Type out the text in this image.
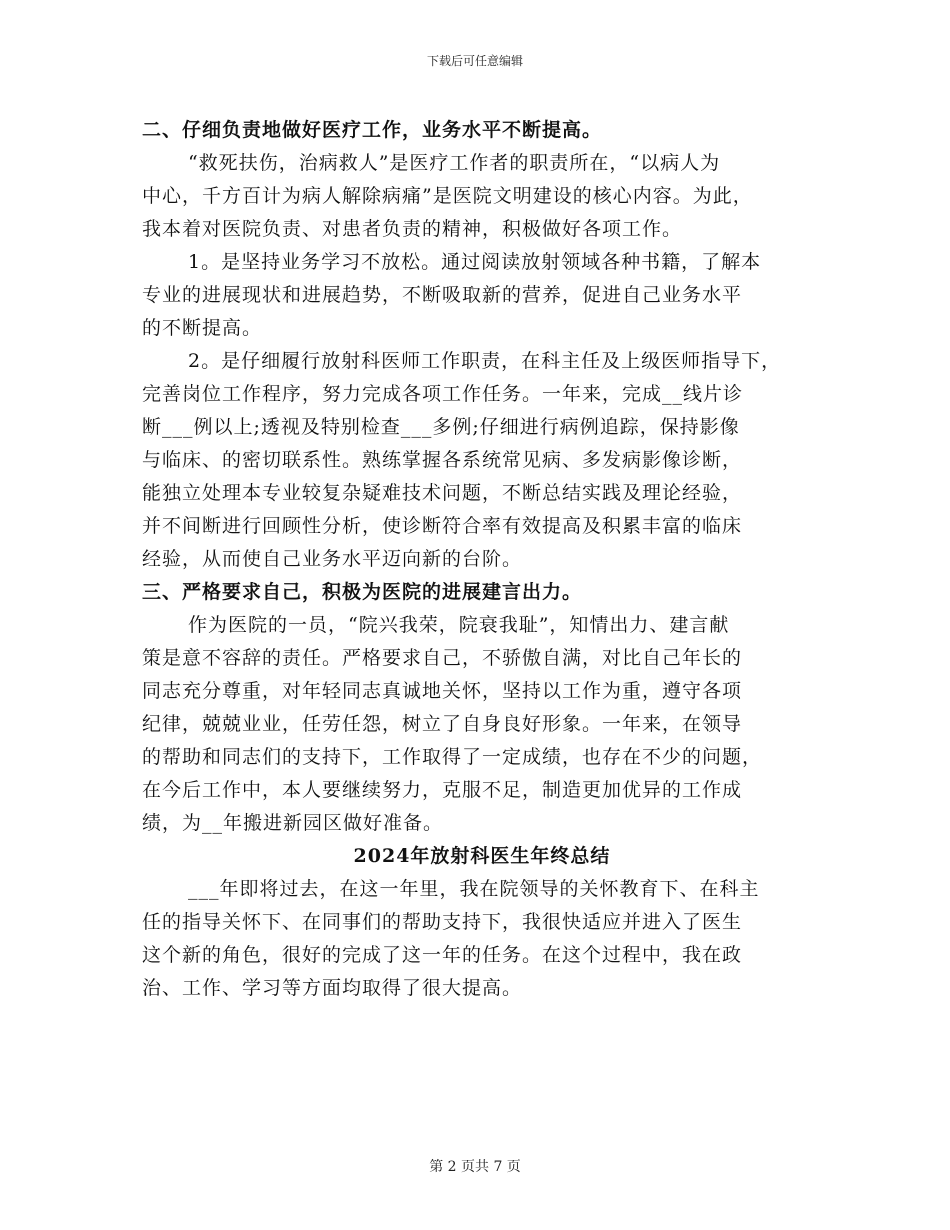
下载后可任意编辑
二、仔细负责地做好医疗工作，业务水平不断提高。
“救死扶伤，治病救人”是医疗工作者的职责所在，“以病人为
中心，千方百计为病人解除病痛”是医院文明建设的核心内容。为此，
我本着对医院负责、对患者负责的精神，积极做好各项工作。
1。是坚持业务学习不放松。通过阅读放射领域各种书籍，了解本
专业的进展现状和进展趋势，不断吸取新的营养，促进自己业务水平
的不断提高。
2。是仔细履行放射科医师工作职责，在科主任及上级医师指导下，
完善岗位工作程序，努力完成各项工作任务。一年来，完成__线片诊
断___例以上;透视及特别检查___多例;仔细进行病例追踪，保持影像
与临床、的密切联系性。熟练掌握各系统常见病、多发病影像诊断，
能独立处理本专业较复杂疑难技术问题，不断总结实践及理论经验，
并不间断进行回顾性分析，使诊断符合率有效提高及积累丰富的临床
经验，从而使自己业务水平迈向新的台阶。
三、严格要求自己，积极为医院的进展建言出力。
作为医院的一员，“院兴我荣，院衰我耻”，知情出力、建言献
策是意不容辞的责任。严格要求自己，不骄傲自满，对比自己年长的
同志充分尊重，对年轻同志真诚地关怀，坚持以工作为重，遵守各项
纪律，兢兢业业，任劳任怨，树立了自身良好形象。一年来，在领导
的帮助和同志们的支持下，工作取得了一定成绩，也存在不少的问题，
在今后工作中，本人要继续努力，克服不足，制造更加优异的工作成
绩，为__年搬进新园区做好准备。
2024年放射科医生年终总结
___年即将过去，在这一年里，我在院领导的关怀教育下、在科主
任的指导关怀下、在同事们的帮助支持下，我很快适应并进入了医生
这个新的角色，很好的完成了这一年的任务。在这个过程中，我在政
治、工作、学习等方面均取得了很大提高。
第 2 页共 7 页
